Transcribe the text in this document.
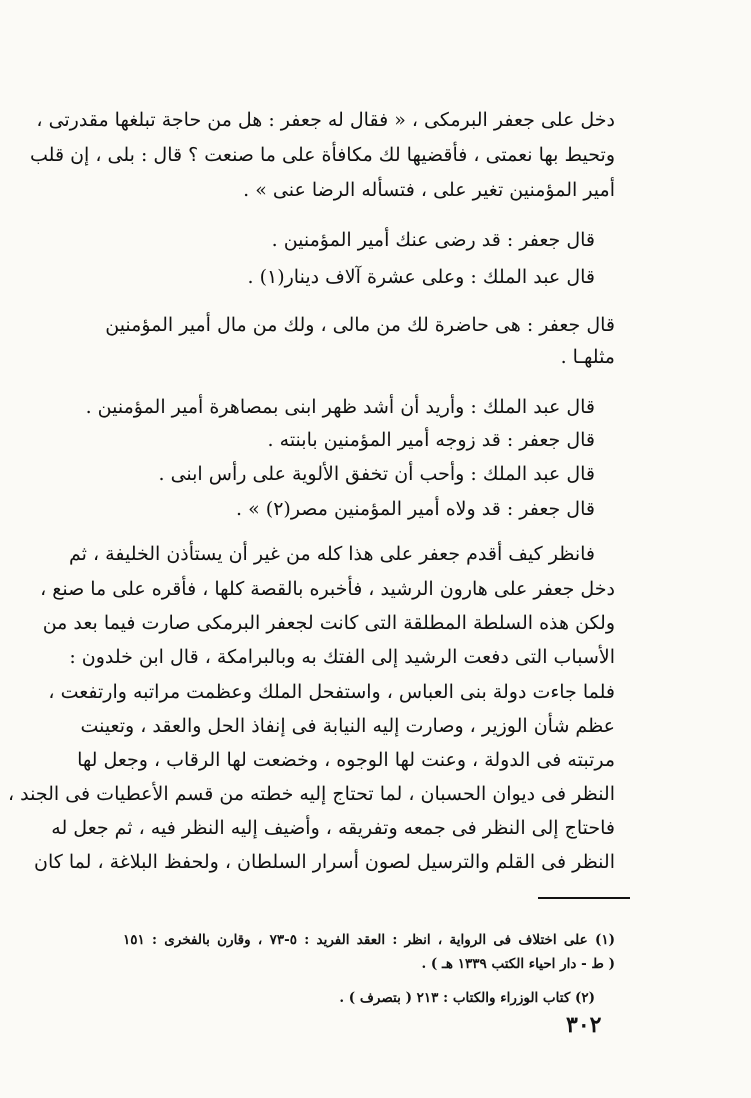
دخل على جعفر البرمكى ، « فقال له جعفر : هل من حاجة تبلغها مقدرتى ،
وتحيط بها نعمتى ، فأقضيها لك مكافأة على ما صنعت ؟ قال : بلى ، إن قلب
أمير المؤمنين تغير على ، فتسأله الرضا عنى » .
قال جعفر : قد رضى عنك أمير المؤمنين .
قال عبد الملك : وعلى عشرة آلاف دينار(١) .
قال جعفر : هى حاضرة لك من مالى ، ولك من مال أمير المؤمنين
مثلهـا .
قال عبد الملك : وأريد أن أشد ظهر ابنى بمصاهرة أمير المؤمنين .
قال جعفر : قد زوجه أمير المؤمنين بابنته .
قال عبد الملك : وأحب أن تخفق الألوية على رأس ابنى .
قال جعفر : قد ولاه أمير المؤمنين مصر(٢) » .
فانظر كيف أقدم جعفر على هذا كله من غير أن يستأذن الخليفة ، ثم
دخل جعفر على هارون الرشيد ، فأخبره بالقصة كلها ، فأقره على ما صنع ،
ولكن هذه السلطة المطلقة التى كانت لجعفر البرمكى صارت فيما بعد من
الأسباب التى دفعت الرشيد إلى الفتك به وبالبرامكة ، قال ابن خلدون :
فلما جاءت دولة بنى العباس ، واستفحل الملك وعظمت مراتبه وارتفعت ،
عظم شأن الوزير ، وصارت إليه النيابة فى إنفاذ الحل والعقد ، وتعينت
مرتبته فى الدولة ، وعنت لها الوجوه ، وخضعت لها الرقاب ، وجعل لها
النظر فى ديوان الحسبان ، لما تحتاج إليه خطته من قسم الأعطيات فى الجند ،
فاحتاج إلى النظر فى جمعه وتفريقه ، وأضيف إليه النظر فيه ، ثم جعل له
النظر فى القلم والترسيل لصون أسرار السلطان ، ولحفظ البلاغة ، لما كان
(١) على اختلاف فى الرواية ، انظر : العقد الفريد : ٥-٧٣ ، وقارن بالفخرى : ١٥١
( ط - دار احياء الكتب ١٣٣٩ هـ ) .
(٢) كتاب الوزراء والكتاب : ٢١٣ ( بتصرف ) .
٣٠٢
